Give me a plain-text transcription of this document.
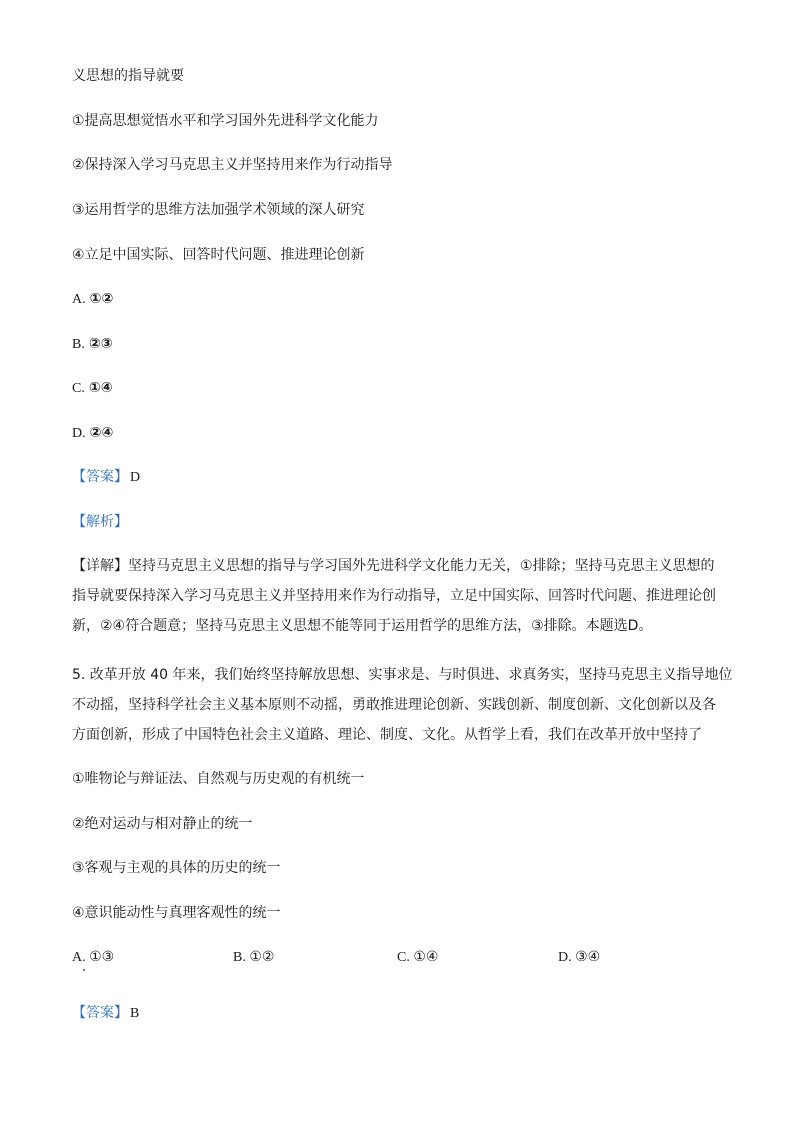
义思想的指导就要
①提高思想觉悟水平和学习国外先进科学文化能力
②保持深入学习马克思主义并坚持用来作为行动指导
③运用哲学的思维方法加强学术领域的深人研究
④立足中国实际、回答时代问题、推进理论创新
A. ①②
B. ②③
C. ①④
D. ②④
【答案】 D
【解析】
【详解】坚持马克思主义思想的指导与学习国外先进科学文化能力无关，①排除；坚持马克思主义思想的
指导就要保持深入学习马克思主义并坚持用来作为行动指导，立足中国实际、回答时代问题、推进理论创
新，②④符合题意；坚持马克思主义思想不能等同于运用哲学的思维方法，③排除。本题选D。
5. 改革开放 40 年来，我们始终坚持解放思想、实事求是、与时俱进、求真务实，坚持马克思主义指导地位
不动摇，坚持科学社会主义基本原则不动摇，勇敢推进理论创新、实践创新、制度创新、文化创新以及各
方面创新，形成了中国特色社会主义道路、理论、制度、文化。从哲学上看，我们在改革开放中坚持了
①唯物论与辩证法、自然观与历史观的有机统一
②绝对运动与相对静止的统一
③客观与主观的具体的历史的统一
④意识能动性与真理客观性的统一
A. ①③	B. ①②	C. ①④	D. ③④
【答案】 B
